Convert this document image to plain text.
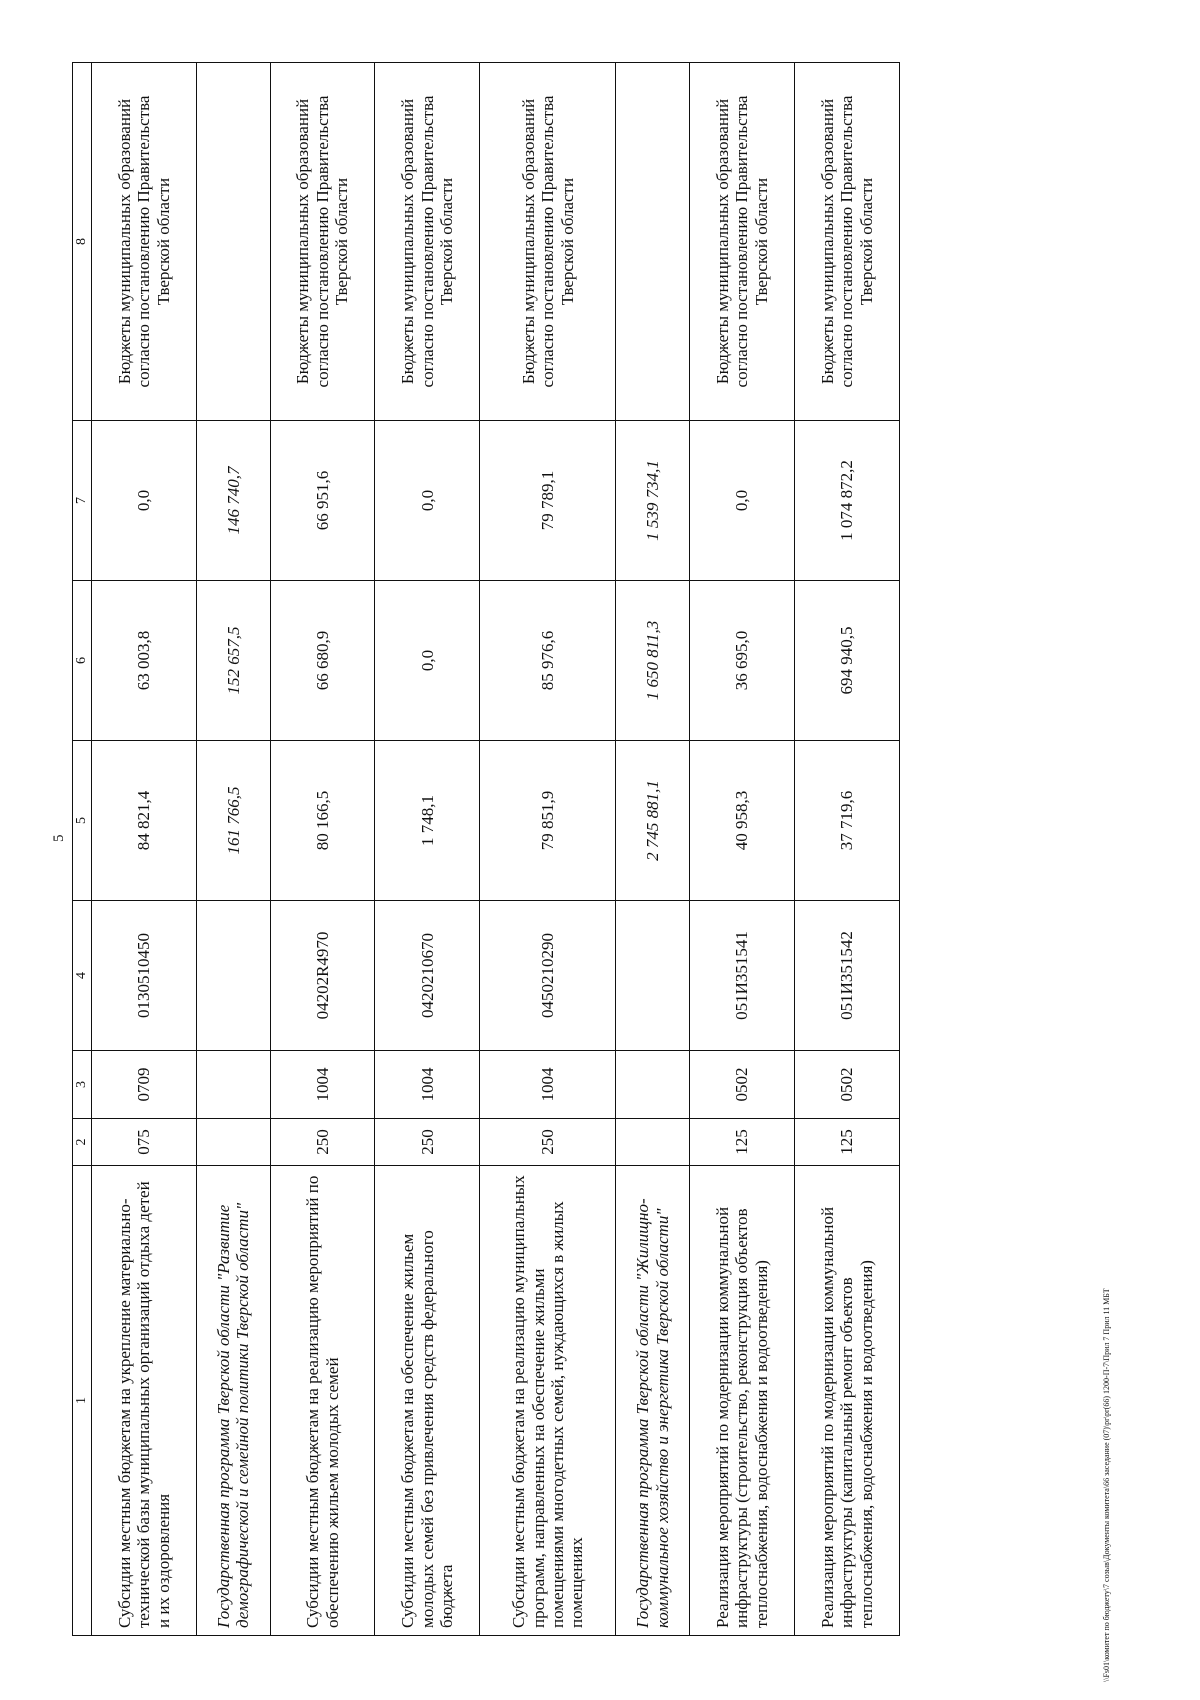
5
1	2	3	4	5	6	7	8
Субсидии местным бюджетам на укрепление материально-технической базы муниципальных организаций отдыха детей и их оздоровления	075	0709	0130510450	84 821,4	63 003,8	0,0	Бюджеты муниципальных образований согласно постановлению Правительства Тверской области
Государственная программа Тверской области "Развитие демографической и семейной политики Тверской области"				161 766,5	152 657,5	146 740,7	
Субсидии местным бюджетам на реализацию мероприятий по обеспечению жильем молодых семей	250	1004	04202R4970	80 166,5	66 680,9	66 951,6	Бюджеты муниципальных образований согласно постановлению Правительства Тверской области
Субсидии местным бюджетам на обеспечение жильем молодых семей без привлечения средств федерального бюджета	250	1004	0420210670	1 748,1	0,0	0,0	Бюджеты муниципальных образований согласно постановлению Правительства Тверской области
Субсидии местным бюджетам на реализацию муниципальных программ, направленных на обеспечение жильми помещениями многодетных семей, нуждающихся в жилых помещениях	250	1004	0450210290	79 851,9	85 976,6	79 789,1	Бюджеты муниципальных образований согласно постановлению Правительства Тверской области
Государственная программа Тверской области "Жилищно-коммунальное хозяйство и энергетика Тверской области"				2 745 881,1	1 650 811,3	1 539 734,1	
Реализация мероприятий по модернизации коммунальной инфраструктуры (строительство, реконструкция объектов теплоснабжения, водоснабжения и водоотведения)	125	0502	051И351541	40 958,3	36 695,0	0,0	Бюджеты муниципальных образований согласно постановлению Правительства Тверской области
Реализация мероприятий по модернизации коммунальной инфраструктуры (капитальный ремонт объектов теплоснабжения, водоснабжения и водоотведения)	125	0502	051И351542	37 719,6	694 940,5	1 074 872,2	Бюджеты муниципальных образований согласно постановлению Правительства Тверской области
\\Fs01\комитет по бюджету\7 созыв\Документы комитета\66 заседание (07)\pr\pr(66) 1200-П-7\Прил 7 Прил 11 МБТ
